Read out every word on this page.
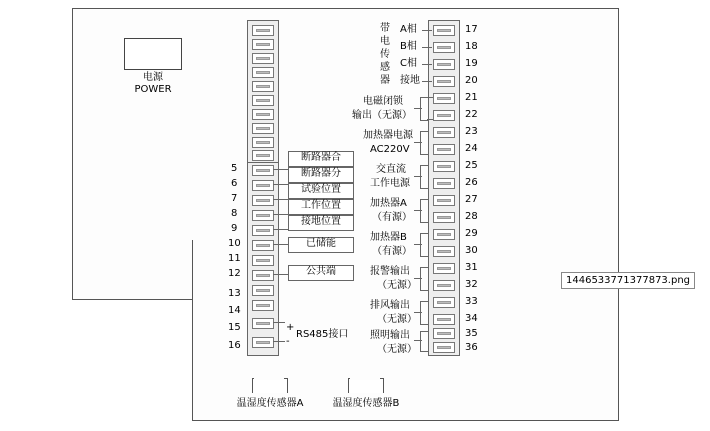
电源
POWER
5
6
7
8
9
10
11
12
13
14
15
16
断路器合
断路器分
试验位置
工作位置
接地位置
已储能
公共端
+
-
RS485接口
17
18
19
20
21
22
23
24
25
26
27
28
29
30
31
32
33
34
35
36
带电传感器
A相
B相
C相
接地
电磁闭锁
输出（无源）
加热器电源
AC220V
交直流
工作电源
加热器A
（有源）
加热器B
（有源）
报警输出
（无源）
排风输出
（无源）
照明输出
（无源）
温湿度传感器A	温湿度传感器B
1446533771377873.png
